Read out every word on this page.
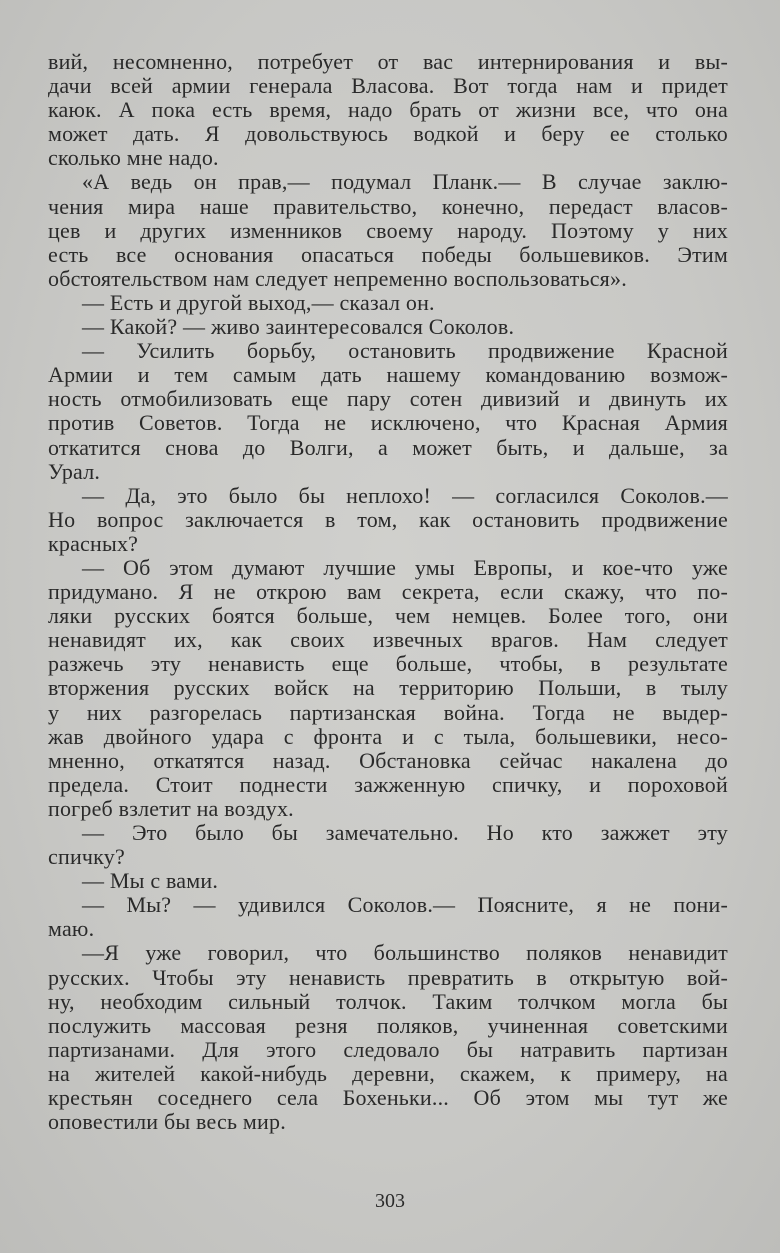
вий, несомненно, потребует от вас интернирования и вы-
дачи всей армии генерала Власова. Вот тогда нам и придет
каюк. А пока есть время, надо брать от жизни все, что она
может дать. Я довольствуюсь водкой и беру ее столько
сколько мне надо.
«А ведь он прав,— подумал Планк.— В случае заклю-
чения мира наше правительство, конечно, передаст власов-
цев и других изменников своему народу. Поэтому у них
есть все основания опасаться победы большевиков. Этим
обстоятельством нам следует непременно воспользоваться».
— Есть и другой выход,— сказал он.
— Какой? — живо заинтересовался Соколов.
— Усилить борьбу, остановить продвижение Красной
Армии и тем самым дать нашему командованию возмож-
ность отмобилизовать еще пару сотен дивизий и двинуть их
против Советов. Тогда не исключено, что Красная Армия
откатится снова до Волги, а может быть, и дальше, за
Урал.
— Да, это было бы неплохо! — согласился Соколов.—
Но вопрос заключается в том, как остановить продвижение
красных?
— Об этом думают лучшие умы Европы, и кое-что уже
придумано. Я не открою вам секрета, если скажу, что по-
ляки русских боятся больше, чем немцев. Более того, они
ненавидят их, как своих извечных врагов. Нам следует
разжечь эту ненависть еще больше, чтобы, в результате
вторжения русских войск на территорию Польши, в тылу
у них разгорелась партизанская война. Тогда не выдер-
жав двойного удара с фронта и с тыла, большевики, несо-
мненно, откатятся назад. Обстановка сейчас накалена до
предела. Стоит поднести зажженную спичку, и пороховой
погреб взлетит на воздух.
— Это было бы замечательно. Но кто зажжет эту
спичку?
— Мы с вами.
— Мы? — удивился Соколов.— Поясните, я не пони-
маю.
—Я уже говорил, что большинство поляков ненавидит
русских. Чтобы эту ненависть превратить в открытую вой-
ну, необходим сильный толчок. Таким толчком могла бы
послужить массовая резня поляков, учиненная советскими
партизанами. Для этого следовало бы натравить партизан
на жителей какой-нибудь деревни, скажем, к примеру, на
крестьян соседнего села Бохеньки... Об этом мы тут же
оповестили бы весь мир.
303
